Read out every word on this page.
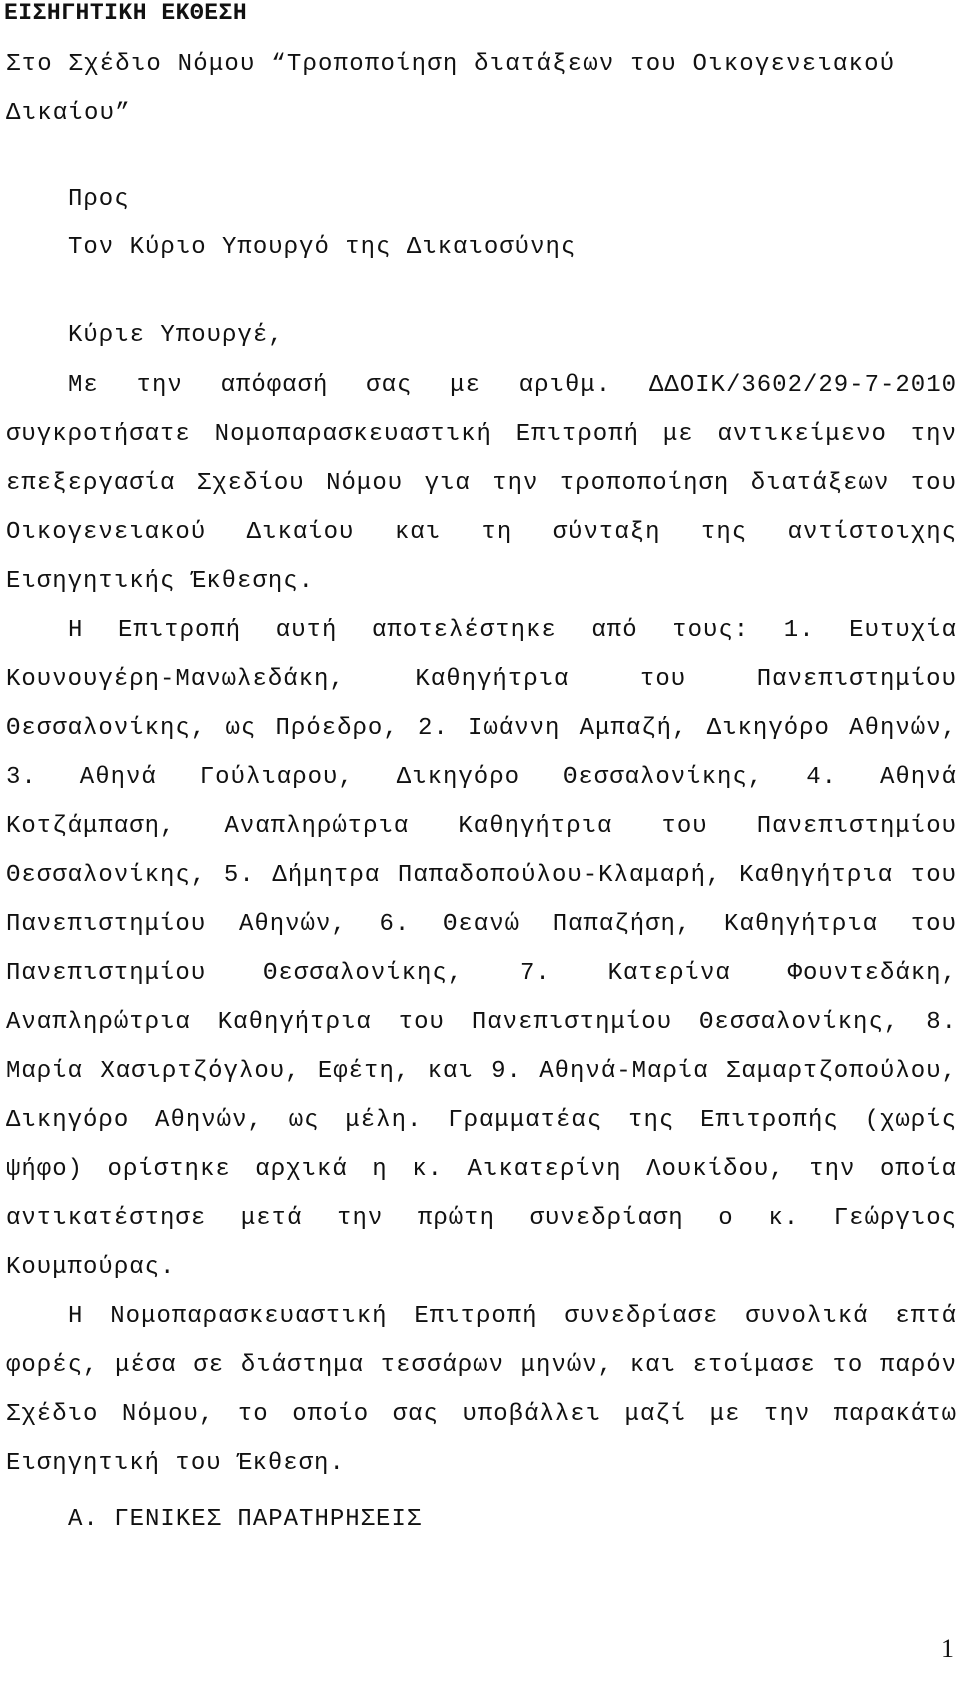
ΕΙΣΗΓΗΤΙΚΗ ΕΚΘΕΣΗ
Στο Σχέδιο Νόμου “Τροποποίηση διατάξεων του Οικογενειακού Δικαίου”
Προς
Τον Κύριο Υπουργό της Δικαιοσύνης
Κύριε Υπουργέ,

Με την απόφασή σας με αριθμ. ΔΔΟΙΚ/3602/29-7-2010 συγκροτήσατε Νομοπαρασκευαστική Επιτροπή με αντικείμενο την επεξεργασία Σχεδίου Νόμου για την τροποποίηση διατάξεων του Οικογενειακού Δικαίου και τη σύνταξη της αντίστοιχης Εισηγητικής Έκθεσης.

Η Επιτροπή αυτή αποτελέστηκε από τους: 1. Ευτυχία Κουνουγέρη-Μανωλεδάκη, Καθηγήτρια του Πανεπιστημίου Θεσσαλονίκης, ως Πρόεδρο, 2. Ιωάννη Αμπαζή, Δικηγόρο Αθηνών, 3. Αθηνά Γούλιαρου, Δικηγόρο Θεσσαλονίκης, 4. Αθηνά Κοτζάμπαση, Αναπληρώτρια Καθηγήτρια του Πανεπιστημίου Θεσσαλονίκης, 5. Δήμητρα Παπαδοπούλου-Κλαμαρή, Καθηγήτρια του Πανεπιστημίου Αθηνών, 6. Θεανώ Παπαζήση, Καθηγήτρια του Πανεπιστημίου Θεσσαλονίκης, 7. Κατερίνα Φουντεδάκη, Αναπληρώτρια Καθηγήτρια του Πανεπιστημίου Θεσσαλονίκης, 8. Μαρία Χασιρτζόγλου, Εφέτη, και 9. Αθηνά-Μαρία Σαμαρτζοπούλου, Δικηγόρο Αθηνών, ως μέλη. Γραμματέας της Επιτροπής (χωρίς ψήφο) ορίστηκε αρχικά η κ. Αικατερίνη Λουκίδου, την οποία αντικατέστησε μετά την πρώτη συνεδρίαση ο κ. Γεώργιος Κουμπούρας.

Η Νομοπαρασκευαστική Επιτροπή συνεδρίασε συνολικά επτά φορές, μέσα σε διάστημα τεσσάρων μηνών, και ετοίμασε το παρόν Σχέδιο Νόμου, το οποίο σας υποβάλλει μαζί με την παρακάτω Εισηγητική του Έκθεση.

Α. ΓΕΝΙΚΕΣ ΠΑΡΑΤΗΡΗΣΕΙΣ
1
